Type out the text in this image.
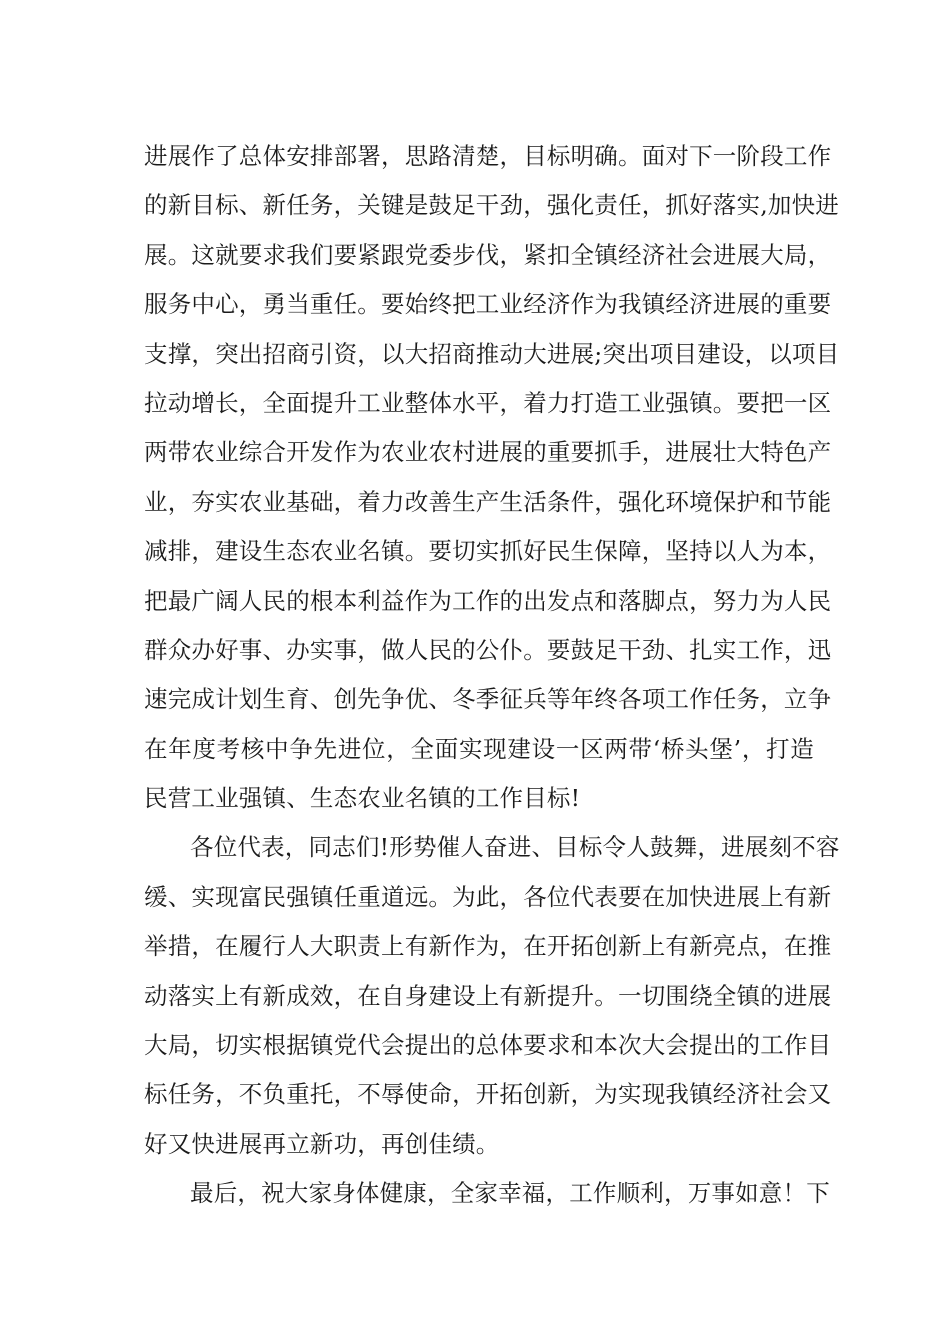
进展作了总体安排部署，思路清楚，目标明确。面对下一阶段工作
的新目标、新任务，关键是鼓足干劲，强化责任，抓好落实,加快进
展。这就要求我们要紧跟党委步伐，紧扣全镇经济社会进展大局，
服务中心，勇当重任。要始终把工业经济作为我镇经济进展的重要
支撑，突出招商引资，以大招商推动大进展;突出项目建设，以项目
拉动增长，全面提升工业整体水平，着力打造工业强镇。要把一区
两带农业综合开发作为农业农村进展的重要抓手，进展壮大特色产
业，夯实农业基础，着力改善生产生活条件，强化环境保护和节能
减排，建设生态农业名镇。要切实抓好民生保障，坚持以人为本，
把最广阔人民的根本利益作为工作的出发点和落脚点，努力为人民
群众办好事、办实事，做人民的公仆。要鼓足干劲、扎实工作，迅
速完成计划生育、创先争优、冬季征兵等年终各项工作任务，立争
在年度考核中争先进位，全面实现建设一区两带‘桥头堡’，打造
民营工业强镇、生态农业名镇的工作目标!
各位代表，同志们!形势催人奋进、目标令人鼓舞，进展刻不容
缓、实现富民强镇任重道远。为此，各位代表要在加快进展上有新
举措，在履行人大职责上有新作为，在开拓创新上有新亮点，在推
动落实上有新成效，在自身建设上有新提升。一切围绕全镇的进展
大局，切实根据镇党代会提出的总体要求和本次大会提出的工作目
标任务，不负重托，不辱使命，开拓创新，为实现我镇经济社会又
好又快进展再立新功，再创佳绩。
最后，祝大家身体健康，全家幸福，工作顺利，万事如意！下
